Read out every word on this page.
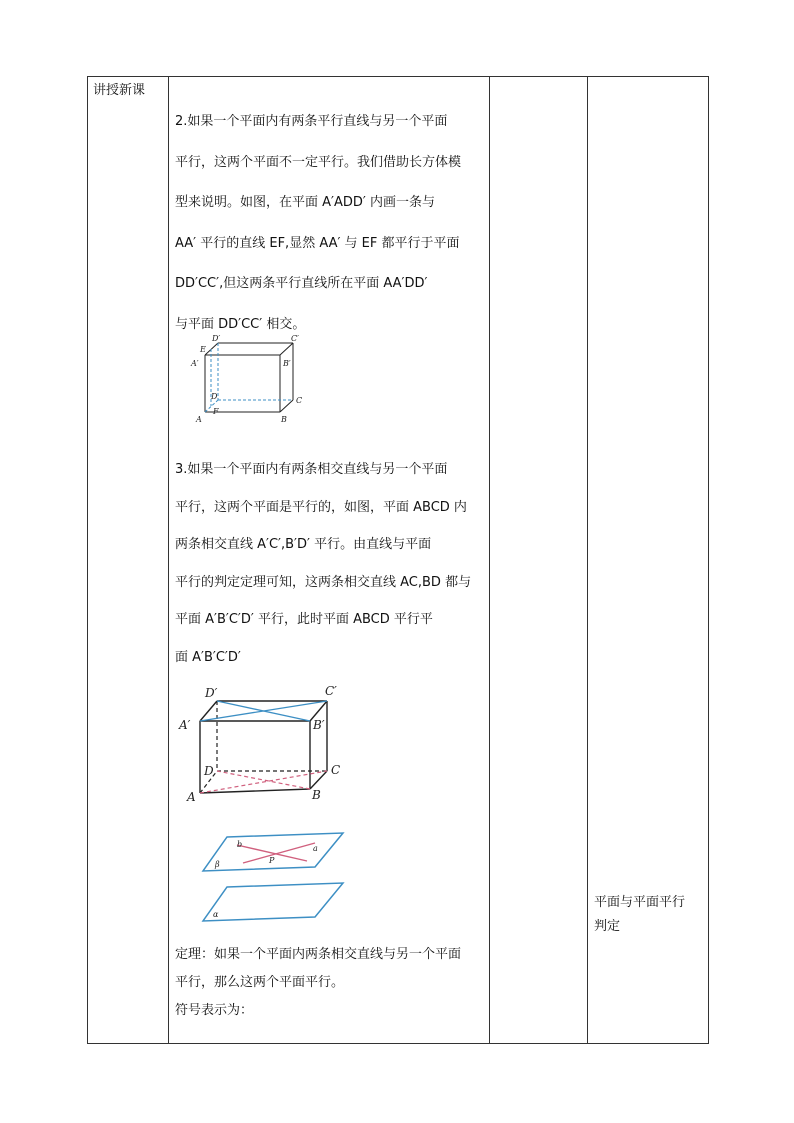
讲授新课

2.如果一个平面内有两条平行直线与另一个平面
平行，这两个平面不一定平行。我们借助长方体模
型来说明。如图，在平面 A′ADD′ 内画一条与
AA′ 平行的直线 EF,显然 AA′ 与 EF 都平行于平面
DD′CC′,但这两条平行直线所在平面 AA′DD′
与平面 DD′CC′ 相交。
D′	C′
E
A′	B′
D	C
F
A	B
3.如果一个平面内有两条相交直线与另一个平面
平行，这两个平面是平行的，如图，平面 ABCD 内
两条相交直线 A′C′,B′D′ 平行。由直线与平面
平行的判定定理可知，这两条相交直线 AC,BD 都与
平面 A′B′C′D′ 平行，此时平面 ABCD 平行平
面 A′B′C′D′
D′	C′
A′	B′
D	C
A	B
b	a
P
β
α
定理：如果一个平面内两条相交直线与另一个平面
平行，那么这两个平面平行。
符号表示为：

平面与平面平行
判定
